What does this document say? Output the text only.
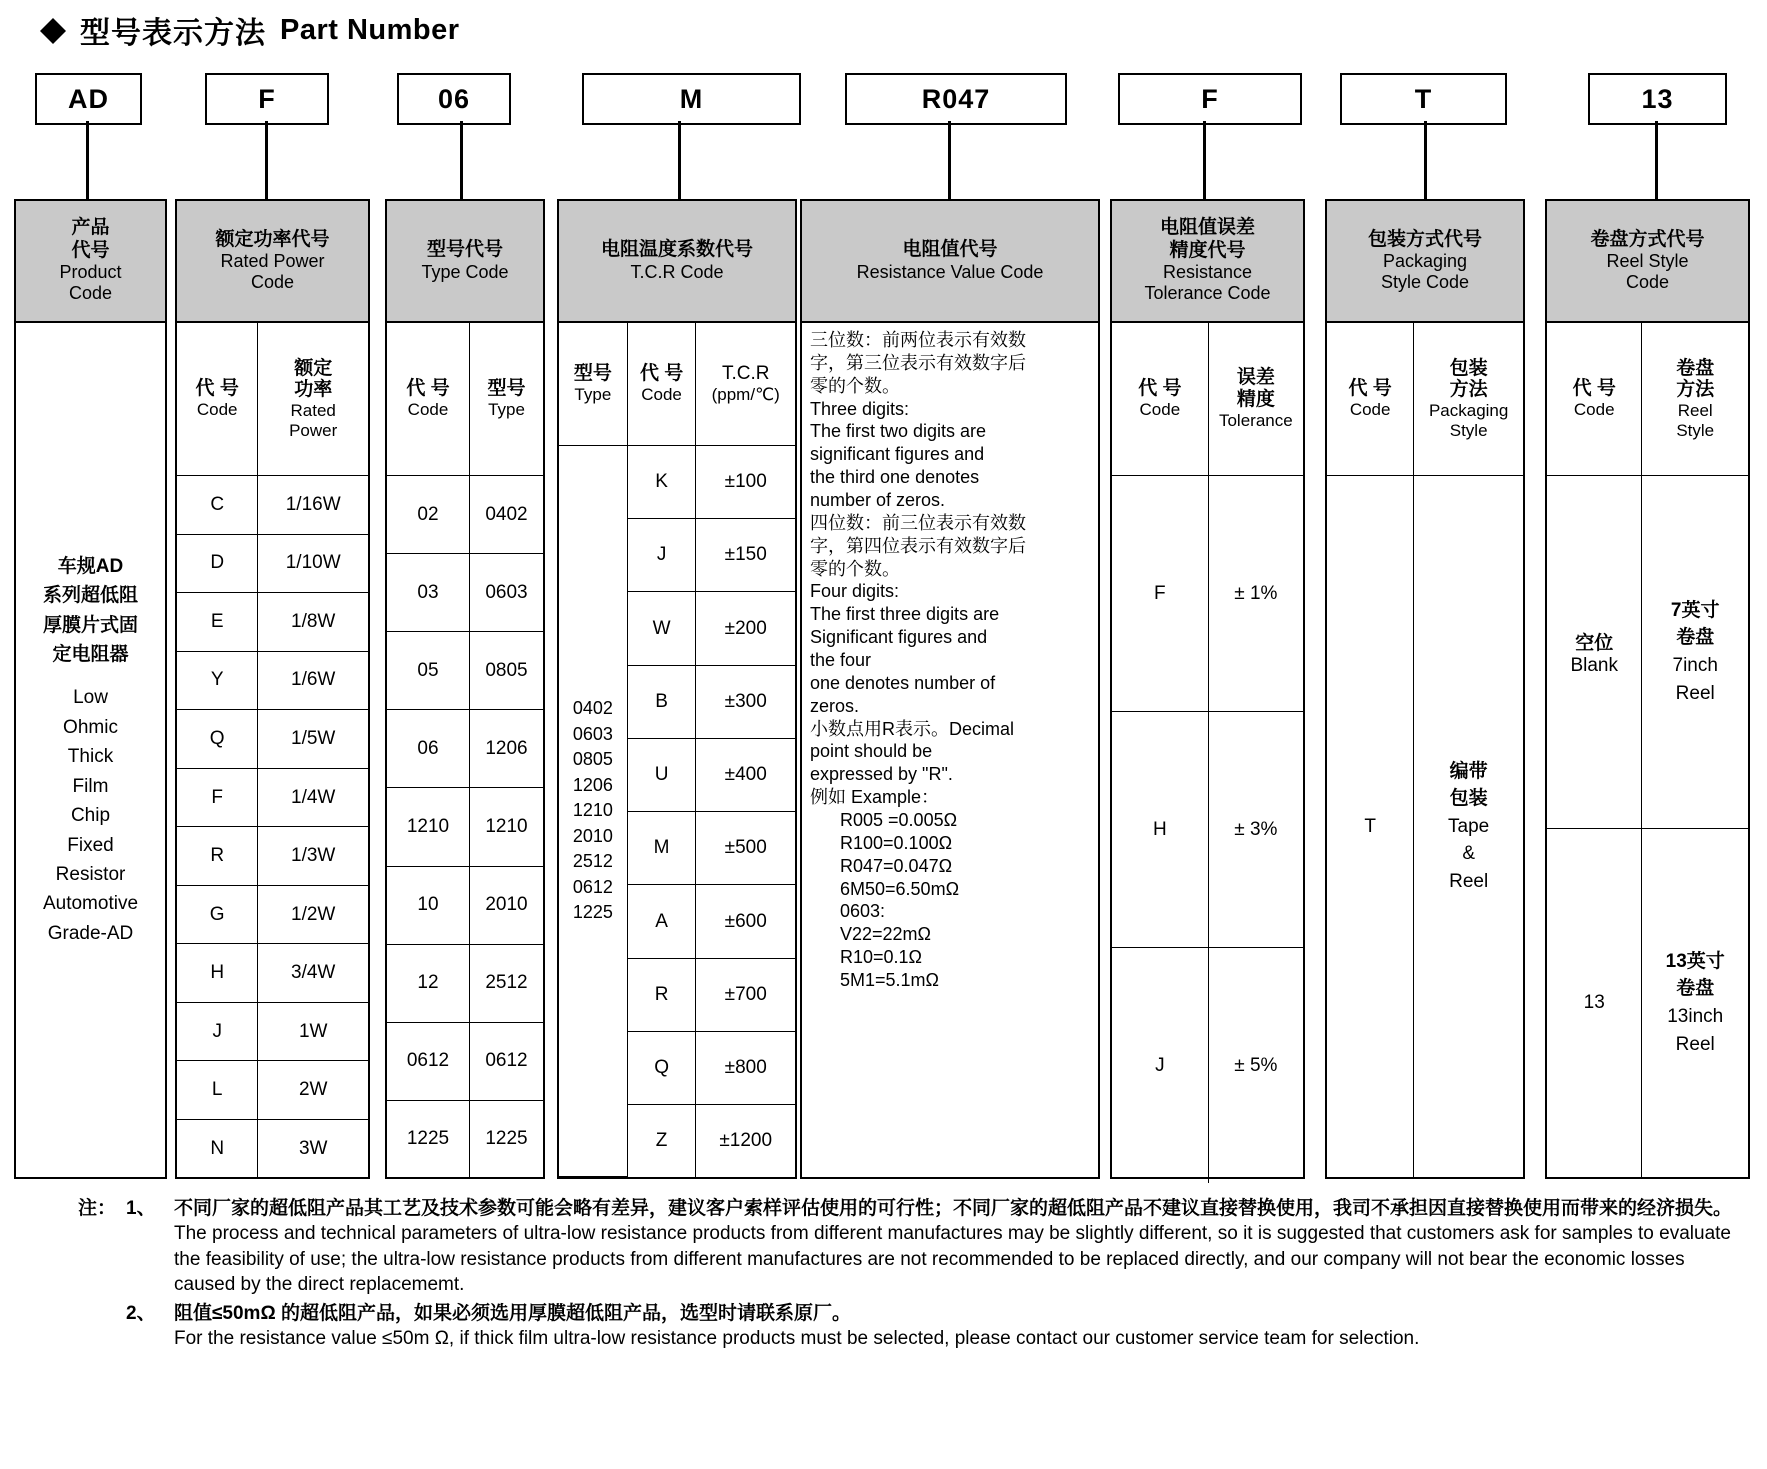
型号表示方法 Part Number
AD	F	06	M	R047	F	T	13
产品
代号
Product
Code
车规AD
系列超低阻
厚膜片式固
定电阻器
Low
Ohmic
Thick
Film
Chip
Fixed
Resistor
Automotive
Grade-AD
额定功率代号
Rated Power
Code
代 号
Code	额定
功率
Rated
Power
C	1/16W
D	1/10W
E	1/8W
Y	1/6W
Q	1/5W
F	1/4W
R	1/3W
G	1/2W
H	3/4W
J	1W
L	2W
N	3W
型号代号
Type Code
代 号
Code	型号
Type
02	0402
03	0603
05	0805
06	1206
1210	1210
10	2010
12	2512
0612	0612
1225	1225
电阻温度系数代号
T.C.R Code
型号
Type	代 号
Code	T.C.R
(ppm/℃)
0402
0603
0805
1206
1210
2010
2512
0612
1225	K	±100
	J	±150
	W	±200
	B	±300
	U	±400
	M	±500
	A	±600
	R	±700
	Q	±800
	Z	±1200
电阻值代号
Resistance Value Code
三位数：前两位表示有效数
字，第三位表示有效数字后
零的个数。
Three digits:
The first two digits are
significant figures and
the third one denotes
number of zeros.
四位数：前三位表示有效数
字，第四位表示有效数字后
零的个数。
Four digits:
The first three digits are
Significant figures and
the four
one denotes number of
zeros.
小数点用R表示。Decimal
point should be
expressed by "R".
例如 Example：
R005 =0.005Ω
R100=0.100Ω
R047=0.047Ω
6M50=6.50mΩ
0603:
V22=22mΩ
R10=0.1Ω
5M1=5.1mΩ
电阻值误差
精度代号
Resistance
Tolerance Code
代 号
Code	误差
精度
Tolerance
F	± 1%
H	± 3%
J	± 5%
包装方式代号
Packaging
Style Code
代 号
Code	包装
方法
Packaging
Style
T	编带
包装
Tape
&
Reel
卷盘方式代号
Reel Style
Code
代 号
Code	卷盘
方法
Reel
Style
空位
Blank	7英寸
卷盘
7inch
Reel
13	13英寸
卷盘
13inch
Reel
注： 1、 不同厂家的超低阻产品其工艺及技术参数可能会略有差异，建议客户索样评估使用的可行性；不同厂家的超低阻产品不建议直接替换使用，我司不承担因直接替换使用而带来的经济损失。
The process and technical parameters of ultra-low resistance products from different manufactures may be slightly different, so it is suggested that customers ask for samples to evaluate the feasibility of use; the ultra-low resistance products from different manufactures are not recommended to be replaced directly, and our company will not bear the economic losses caused by the direct replacememt.
2、 阻值≤50mΩ 的超低阻产品，如果必须选用厚膜超低阻产品，选型时请联系原厂。
For the resistance value ≤50m Ω, if thick film ultra-low resistance products must be selected, please contact our customer service team for selection.
